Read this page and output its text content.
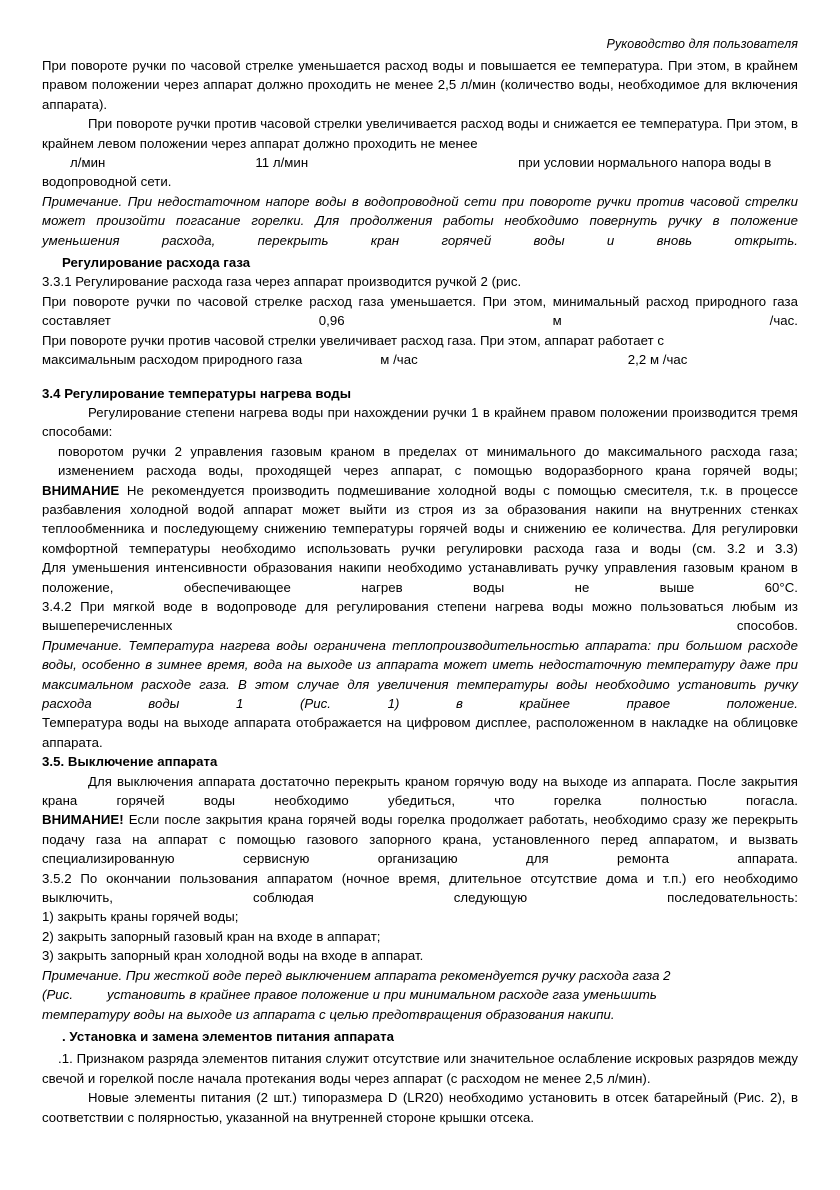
Руководство для пользователя

При повороте ручки по часовой стрелке уменьшается расход воды и повышается ее температура. При этом, в крайнем правом положении через аппарат должно проходить не менее 2,5 л/мин (количество воды, необходимое для включения аппарата).

При повороте ручки против часовой стрелки увеличивается расход воды и снижается ее температура. При этом, в крайнем левом положении через аппарат должно проходить не менее

л/мин	11 л/мин	при условии нормального напора воды в

водопроводной сети.

Примечание. При недостаточном напоре воды в водопроводной сети при повороте ручки против часовой стрелки может произойти погасание горелки. Для продолжения работы необходимо повернуть ручку в положение уменьшения расхода, перекрыть кран горячей воды и вновь открыть.

Регулирование расхода газа

3.3.1 Регулирование расхода газа через аппарат производится ручкой 2 (рис.

При повороте ручки по часовой стрелке расход газа уменьшается. При этом, минимальный расход природного газа составляет 0,96 м /час.

При повороте ручки против часовой стрелки увеличивает расход газа. При этом, аппарат работает с

максимальным расходом природного газа	м /час	2,2 м /час

3.4 Регулирование температуры нагрева воды

Регулирование степени нагрева воды при нахождении ручки 1 в крайнем правом положении производится тремя способами:

поворотом ручки 2 управления газовым краном в пределах от минимального до максимального расхода газа;

изменением расхода воды, проходящей через аппарат, с помощью водоразборного крана горячей воды;

ВНИМАНИЕ Не рекомендуется производить подмешивание холодной воды с помощью смесителя, т.к. в процессе разбавления холодной водой аппарат может выйти из строя из за образования накипи на внутренних стенках теплообменника и последующему снижению температуры горячей воды и снижению ее количества. Для регулировки комфортной температуры необходимо использовать ручки регулировки расхода газа и воды (см. 3.2 и 3.3)

Для уменьшения интенсивности образования накипи необходимо устанавливать ручку управления газовым краном в положение, обеспечивающее нагрев воды не выше 60°С.

3.4.2 При мягкой воде в водопроводе для регулирования степени нагрева воды можно пользоваться любым из вышеперечисленных способов.

Примечание. Температура нагрева воды ограничена теплопроизводительностью аппарата: при большом расходе воды, особенно в зимнее время, вода на выходе из аппарата может иметь недостаточную температуру даже при максимальном расходе газа. В этом случае для увеличения температуры воды необходимо установить ручку расхода воды 1 (Рис. 1) в крайнее правое положение.

Температура воды на выходе аппарата отображается на цифровом дисплее, расположенном в накладке на облицовке аппарата.

3.5. Выключение аппарата

Для выключения аппарата достаточно перекрыть краном горячую воду на выходе из аппарата. После закрытия крана горячей воды необходимо убедиться, что горелка полностью погасла.

ВНИМАНИЕ! Если после закрытия крана горячей воды горелка продолжает работать, необходимо сразу же перекрыть подачу газа на аппарат с помощью газового запорного крана, установленного перед аппаратом, и вызвать специализированную сервисную организацию для ремонта аппарата.

3.5.2 По окончании пользования аппаратом (ночное время, длительное отсутствие дома и т.п.) его необходимо выключить, соблюдая следующую последовательность:

1) закрыть краны горячей воды;

2) закрыть запорный газовый кран на входе в аппарат;

3) закрыть запорный кран холодной воды на входе в аппарат.

Примечание. При жесткой воде перед выключением аппарата рекомендуется ручку расхода газа 2

(Рис.	установить в крайнее правое положение и при минимальном расходе газа уменьшить

температуру воды на выходе из аппарата с целью предотвращения образования накипи.

. Установка и замена элементов питания аппарата

.1. Признаком разряда элементов питания служит отсутствие или значительное ослабление искровых разрядов между свечой и горелкой после начала протекания воды через аппарат (с расходом не менее 2,5 л/мин).

Новые элементы питания (2 шт.) типоразмера D (LR20) необходимо установить в отсек батарейный (Рис. 2), в соответствии с полярностью, указанной на внутренней стороне крышки отсека.
